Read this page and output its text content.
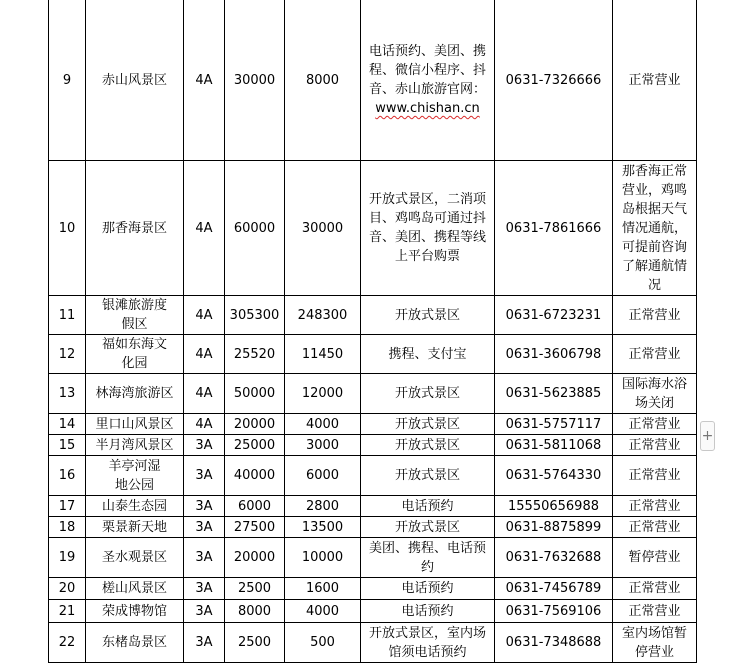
9	赤山风景区	4A	30000	8000	电话预约、美团、携程、微信小程序、抖音、赤山旅游官网：www.chishan.cn	0631-7326666	正常营业
10	那香海景区	4A	60000	30000	开放式景区，二消项目、鸡鸣岛可通过抖音、美团、携程等线上平台购票	0631-7861666	那香海正常营业，鸡鸣岛根据天气情况通航，可提前咨询了解通航情况
11	银滩旅游度假区	4A	305300	248300	开放式景区	0631-6723231	正常营业
12	福如东海文化园	4A	25520	11450	携程、支付宝	0631-3606798	正常营业
13	林海湾旅游区	4A	50000	12000	开放式景区	0631-5623885	国际海水浴场关闭
14	里口山风景区	4A	20000	4000	开放式景区	0631-5757117	正常营业
15	半月湾风景区	3A	25000	3000	开放式景区	0631-5811068	正常营业
16	羊亭河湿地公园	3A	40000	6000	开放式景区	0631-5764330	正常营业
17	山泰生态园	3A	6000	2800	电话预约	15550656988	正常营业
18	栗景新天地	3A	27500	13500	开放式景区	0631-8875899	正常营业
19	圣水观景区	3A	20000	10000	美团、携程、电话预约	0631-7632688	暂停营业
20	槎山风景区	3A	2500	1600	电话预约	0631-7456789	正常营业
21	荣成博物馆	3A	8000	4000	电话预约	0631-7569106	正常营业
22	东楮岛景区	3A	2500	500	开放式景区，室内场馆须电话预约	0631-7348688	室内场馆暂停营业
+
